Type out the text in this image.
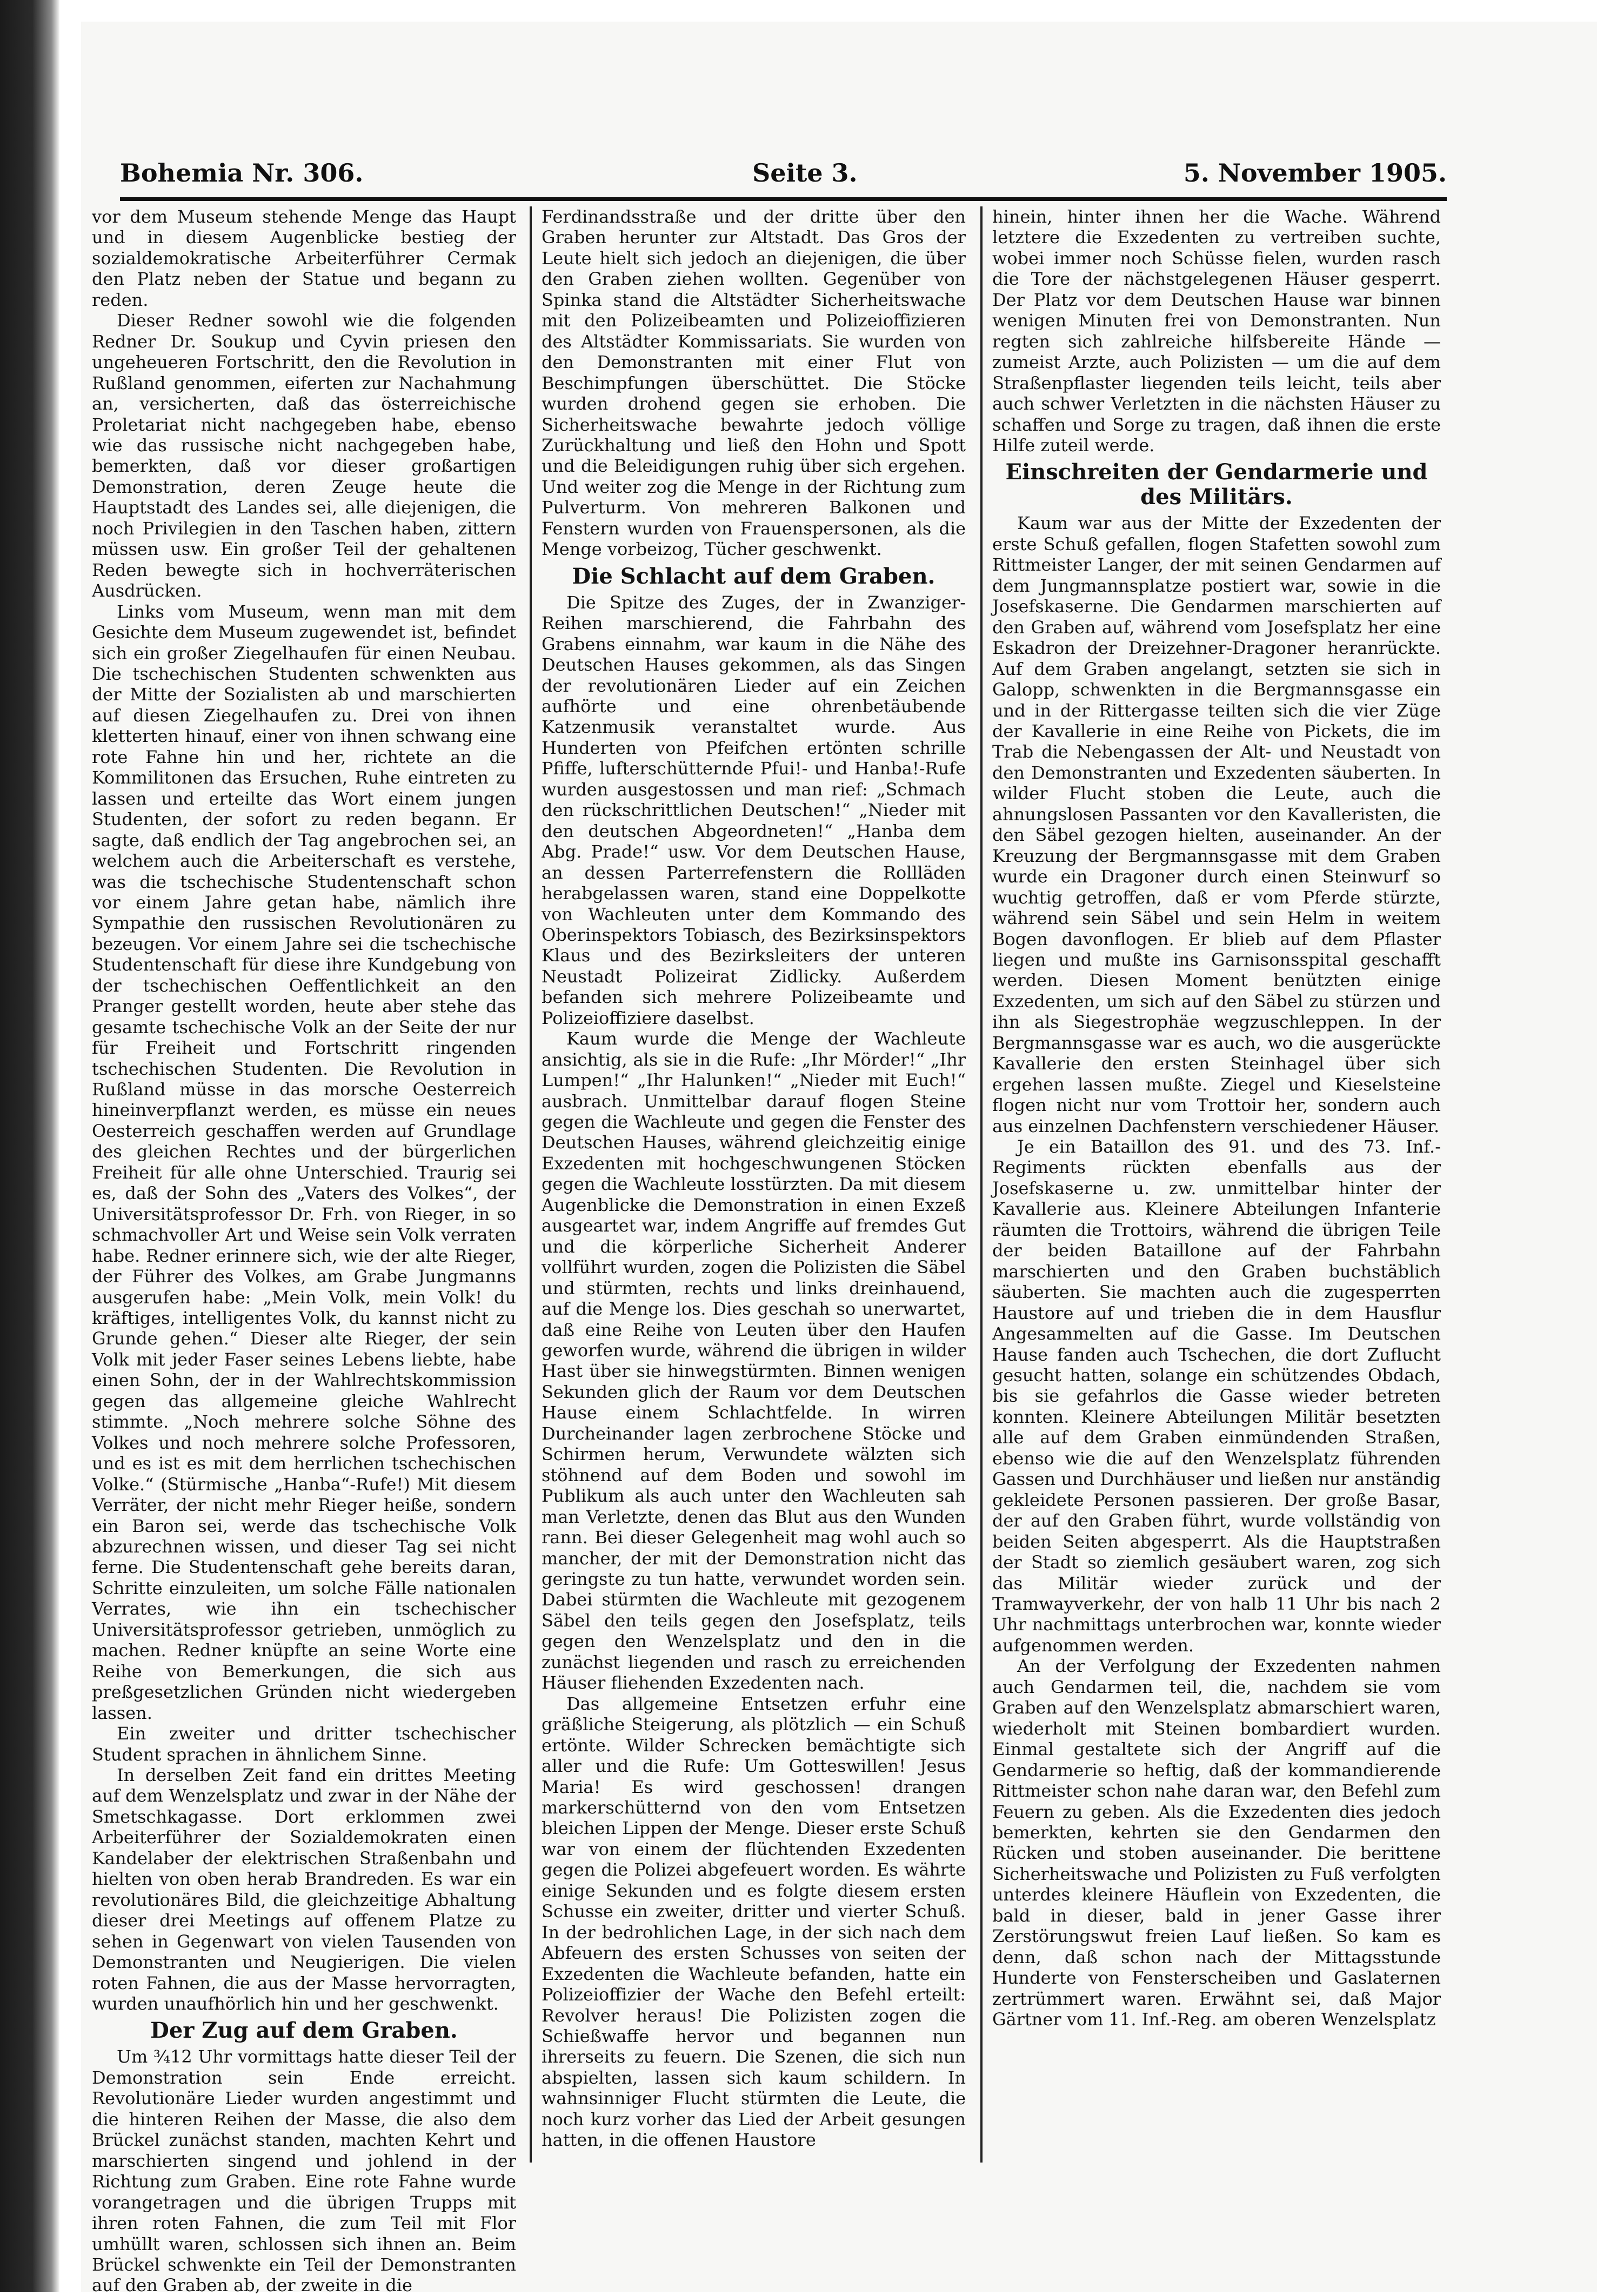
Bohemia Nr. 306.	Seite 3.	5. November 1905.

vor dem Museum stehende Menge das Haupt und in diesem Augenblicke bestieg der sozialdemokratische Arbeiterführer Cermak den Platz neben der Statue und begann zu reden.

Dieser Redner sowohl wie die folgenden Redner Dr. Soukup und Cyvin priesen den ungeheueren Fortschritt, den die Revolution in Rußland genommen, eiferten zur Nachahmung an, versicherten, daß das österreichische Proletariat nicht nachgegeben habe, ebenso wie das russische nicht nachgegeben habe, bemerkten, daß vor dieser großartigen Demonstration, deren Zeuge heute die Hauptstadt des Landes sei, alle diejenigen, die noch Privilegien in den Taschen haben, zittern müssen usw. Ein großer Teil der gehaltenen Reden bewegte sich in hochverräterischen Ausdrücken.

Links vom Museum, wenn man mit dem Gesichte dem Museum zugewendet ist, befindet sich ein großer Ziegelhaufen für einen Neubau. Die tschechischen Studenten schwenkten aus der Mitte der Sozialisten ab und marschierten auf diesen Ziegelhaufen zu. Drei von ihnen kletterten hinauf, einer von ihnen schwang eine rote Fahne hin und her, richtete an die Kommilitonen das Ersuchen, Ruhe eintreten zu lassen und erteilte das Wort einem jungen Studenten, der sofort zu reden begann. Er sagte, daß endlich der Tag angebrochen sei, an welchem auch die Arbeiterschaft es verstehe, was die tschechische Studentenschaft schon vor einem Jahre getan habe, nämlich ihre Sympathie den russischen Revolutionären zu bezeugen. Vor einem Jahre sei die tschechische Studentenschaft für diese ihre Kundgebung von der tschechischen Oeffentlichkeit an den Pranger gestellt worden, heute aber stehe das gesamte tschechische Volk an der Seite der nur für Freiheit und Fortschritt ringenden tschechischen Studenten. Die Revolution in Rußland müsse in das morsche Oesterreich hineinverpflanzt werden, es müsse ein neues Oesterreich geschaffen werden auf Grundlage des gleichen Rechtes und der bürgerlichen Freiheit für alle ohne Unterschied. Traurig sei es, daß der Sohn des „Vaters des Volkes“, der Universitätsprofessor Dr. Frh. von Rieger, in so schmachvoller Art und Weise sein Volk verraten habe. Redner erinnere sich, wie der alte Rieger, der Führer des Volkes, am Grabe Jungmanns ausgerufen habe: „Mein Volk, mein Volk! du kräftiges, intelligentes Volk, du kannst nicht zu Grunde gehen.“ Dieser alte Rieger, der sein Volk mit jeder Faser seines Lebens liebte, habe einen Sohn, der in der Wahlrechtskommission gegen das allgemeine gleiche Wahlrecht stimmte. „Noch mehrere solche Söhne des Volkes und noch mehrere solche Professoren, und es ist es mit dem herrlichen tschechischen Volke.“ (Stürmische „Hanba“-Rufe!) Mit diesem Verräter, der nicht mehr Rieger heiße, sondern ein Baron sei, werde das tschechische Volk abzurechnen wissen, und dieser Tag sei nicht ferne. Die Studentenschaft gehe bereits daran, Schritte einzuleiten, um solche Fälle nationalen Verrates, wie ihn ein tschechischer Universitätsprofessor getrieben, unmöglich zu machen. Redner knüpfte an seine Worte eine Reihe von Bemerkungen, die sich aus preßgesetzlichen Gründen nicht wiedergeben lassen.

Ein zweiter und dritter tschechischer Student sprachen in ähnlichem Sinne.

In derselben Zeit fand ein drittes Meeting auf dem Wenzelsplatz und zwar in der Nähe der Smetschkagasse. Dort erklommen zwei Arbeiterführer der Sozialdemokraten einen Kandelaber der elektrischen Straßenbahn und hielten von oben herab Brandreden. Es war ein revolutionäres Bild, die gleichzeitige Abhaltung dieser drei Meetings auf offenem Platze zu sehen in Gegenwart von vielen Tausenden von Demonstranten und Neugierigen. Die vielen roten Fahnen, die aus der Masse hervorragten, wurden unaufhörlich hin und her geschwenkt.

Der Zug auf dem Graben.

Um ¾12 Uhr vormittags hatte dieser Teil der Demonstration sein Ende erreicht. Revolutionäre Lieder wurden angestimmt und die hinteren Reihen der Masse, die also dem Brückel zunächst standen, machten Kehrt und marschierten singend und johlend in der Richtung zum Graben. Eine rote Fahne wurde vorangetragen und die übrigen Trupps mit ihren roten Fahnen, die zum Teil mit Flor umhüllt waren, schlossen sich ihnen an. Beim Brückel schwenkte ein Teil der Demonstranten auf den Graben ab, der zweite in die

Ferdinandsstraße und der dritte über den Graben herunter zur Altstadt. Das Gros der Leute hielt sich jedoch an diejenigen, die über den Graben ziehen wollten. Gegenüber von Spinka stand die Altstädter Sicherheitswache mit den Polizeibeamten und Polizeioffizieren des Altstädter Kommissariats. Sie wurden von den Demonstranten mit einer Flut von Beschimpfungen überschüttet. Die Stöcke wurden drohend gegen sie erhoben. Die Sicherheitswache bewahrte jedoch völlige Zurückhaltung und ließ den Hohn und Spott und die Beleidigungen ruhig über sich ergehen. Und weiter zog die Menge in der Richtung zum Pulverturm. Von mehreren Balkonen und Fenstern wurden von Frauenspersonen, als die Menge vorbeizog, Tücher geschwenkt.

Die Schlacht auf dem Graben.

Die Spitze des Zuges, der in Zwanziger-Reihen marschierend, die Fahrbahn des Grabens einnahm, war kaum in die Nähe des Deutschen Hauses gekommen, als das Singen der revolutionären Lieder auf ein Zeichen aufhörte und eine ohrenbetäubende Katzenmusik veranstaltet wurde. Aus Hunderten von Pfeifchen ertönten schrille Pfiffe, lufterschütternde Pfui!- und Hanba!-Rufe wurden ausgestossen und man rief: „Schmach den rückschrittlichen Deutschen!“ „Nieder mit den deutschen Abgeordneten!“ „Hanba dem Abg. Prade!“ usw. Vor dem Deutschen Hause, an dessen Parterrefenstern die Rollläden herabgelassen waren, stand eine Doppelkotte von Wachleuten unter dem Kommando des Oberinspektors Tobiasch, des Bezirksinspektors Klaus und des Bezirksleiters der unteren Neustadt Polizeirat Zidlicky. Außerdem befanden sich mehrere Polizeibeamte und Polizeioffiziere daselbst.

Kaum wurde die Menge der Wachleute ansichtig, als sie in die Rufe: „Ihr Mörder!“ „Ihr Lumpen!“ „Ihr Halunken!“ „Nieder mit Euch!“ ausbrach. Unmittelbar darauf flogen Steine gegen die Wachleute und gegen die Fenster des Deutschen Hauses, während gleichzeitig einige Exzedenten mit hochgeschwungenen Stöcken gegen die Wachleute losstürzten. Da mit diesem Augenblicke die Demonstration in einen Exzeß ausgeartet war, indem Angriffe auf fremdes Gut und die körperliche Sicherheit Anderer vollführt wurden, zogen die Polizisten die Säbel und stürmten, rechts und links dreinhauend, auf die Menge los. Dies geschah so unerwartet, daß eine Reihe von Leuten über den Haufen geworfen wurde, während die übrigen in wilder Hast über sie hinwegstürmten. Binnen wenigen Sekunden glich der Raum vor dem Deutschen Hause einem Schlachtfelde. In wirren Durcheinander lagen zerbrochene Stöcke und Schirmen herum, Verwundete wälzten sich stöhnend auf dem Boden und sowohl im Publikum als auch unter den Wachleuten sah man Verletzte, denen das Blut aus den Wunden rann. Bei dieser Gelegenheit mag wohl auch so mancher, der mit der Demonstration nicht das geringste zu tun hatte, verwundet worden sein. Dabei stürmten die Wachleute mit gezogenem Säbel den teils gegen den Josefsplatz, teils gegen den Wenzelsplatz und den in die zunächst liegenden und rasch zu erreichenden Häuser fliehenden Exzedenten nach.

Das allgemeine Entsetzen erfuhr eine gräßliche Steigerung, als plötzlich — ein Schuß ertönte. Wilder Schrecken bemächtigte sich aller und die Rufe: Um Gotteswillen! Jesus Maria! Es wird geschossen! drangen markerschütternd von den vom Entsetzen bleichen Lippen der Menge. Dieser erste Schuß war von einem der flüchtenden Exzedenten gegen die Polizei abgefeuert worden. Es währte einige Sekunden und es folgte diesem ersten Schusse ein zweiter, dritter und vierter Schuß. In der bedrohlichen Lage, in der sich nach dem Abfeuern des ersten Schusses von seiten der Exzedenten die Wachleute befanden, hatte ein Polizeioffizier der Wache den Befehl erteilt: Revolver heraus! Die Polizisten zogen die Schießwaffe hervor und begannen nun ihrerseits zu feuern. Die Szenen, die sich nun abspielten, lassen sich kaum schildern. In wahnsinniger Flucht stürmten die Leute, die noch kurz vorher das Lied der Arbeit gesungen hatten, in die offenen Haustore

hinein, hinter ihnen her die Wache. Während letztere die Exzedenten zu vertreiben suchte, wobei immer noch Schüsse fielen, wurden rasch die Tore der nächstgelegenen Häuser gesperrt. Der Platz vor dem Deutschen Hause war binnen wenigen Minuten frei von Demonstranten. Nun regten sich zahlreiche hilfsbereite Hände — zumeist Arzte, auch Polizisten — um die auf dem Straßenpflaster liegenden teils leicht, teils aber auch schwer Verletzten in die nächsten Häuser zu schaffen und Sorge zu tragen, daß ihnen die erste Hilfe zuteil werde.

Einschreiten der Gendarmerie und des Militärs.

Kaum war aus der Mitte der Exzedenten der erste Schuß gefallen, flogen Stafetten sowohl zum Rittmeister Langer, der mit seinen Gendarmen auf dem Jungmannsplatze postiert war, sowie in die Josefskaserne. Die Gendarmen marschierten auf den Graben auf, während vom Josefsplatz her eine Eskadron der Dreizehner-Dragoner heranrückte. Auf dem Graben angelangt, setzten sie sich in Galopp, schwenkten in die Bergmannsgasse ein und in der Rittergasse teilten sich die vier Züge der Kavallerie in eine Reihe von Pickets, die im Trab die Nebengassen der Alt- und Neustadt von den Demonstranten und Exzedenten säuberten. In wilder Flucht stoben die Leute, auch die ahnungslosen Passanten vor den Kavalleristen, die den Säbel gezogen hielten, auseinander. An der Kreuzung der Bergmannsgasse mit dem Graben wurde ein Dragoner durch einen Steinwurf so wuchtig getroffen, daß er vom Pferde stürzte, während sein Säbel und sein Helm in weitem Bogen davonflogen. Er blieb auf dem Pflaster liegen und mußte ins Garnisonsspital geschafft werden. Diesen Moment benützten einige Exzedenten, um sich auf den Säbel zu stürzen und ihn als Siegestrophäe wegzuschleppen. In der Bergmannsgasse war es auch, wo die ausgerückte Kavallerie den ersten Steinhagel über sich ergehen lassen mußte. Ziegel und Kieselsteine flogen nicht nur vom Trottoir her, sondern auch aus einzelnen Dachfenstern verschiedener Häuser.

Je ein Bataillon des 91. und des 73. Inf.-Regiments rückten ebenfalls aus der Josefskaserne u. zw. unmittelbar hinter der Kavallerie aus. Kleinere Abteilungen Infanterie räumten die Trottoirs, während die übrigen Teile der beiden Bataillone auf der Fahrbahn marschierten und den Graben buchstäblich säuberten. Sie machten auch die zugesperrten Haustore auf und trieben die in dem Hausflur Angesammelten auf die Gasse. Im Deutschen Hause fanden auch Tschechen, die dort Zuflucht gesucht hatten, solange ein schützendes Obdach, bis sie gefahrlos die Gasse wieder betreten konnten. Kleinere Abteilungen Militär besetzten alle auf dem Graben einmündenden Straßen, ebenso wie die auf den Wenzelsplatz führenden Gassen und Durchhäuser und ließen nur anständig gekleidete Personen passieren. Der große Basar, der auf den Graben führt, wurde vollständig von beiden Seiten abgesperrt. Als die Hauptstraßen der Stadt so ziemlich gesäubert waren, zog sich das Militär wieder zurück und der Tramwayverkehr, der von halb 11 Uhr bis nach 2 Uhr nachmittags unterbrochen war, konnte wieder aufgenommen werden.

An der Verfolgung der Exzedenten nahmen auch Gendarmen teil, die, nachdem sie vom Graben auf den Wenzelsplatz abmarschiert waren, wiederholt mit Steinen bombardiert wurden. Einmal gestaltete sich der Angriff auf die Gendarmerie so heftig, daß der kommandierende Rittmeister schon nahe daran war, den Befehl zum Feuern zu geben. Als die Exzedenten dies jedoch bemerkten, kehrten sie den Gendarmen den Rücken und stoben auseinander. Die berittene Sicherheitswache und Polizisten zu Fuß verfolgten unterdes kleinere Häuflein von Exzedenten, die bald in dieser, bald in jener Gasse ihrer Zerstörungswut freien Lauf ließen. So kam es denn, daß schon nach der Mittagsstunde Hunderte von Fensterscheiben und Gaslaternen zertrümmert waren. Erwähnt sei, daß Major Gärtner vom 11. Inf.-Reg. am oberen Wenzelsplatz
